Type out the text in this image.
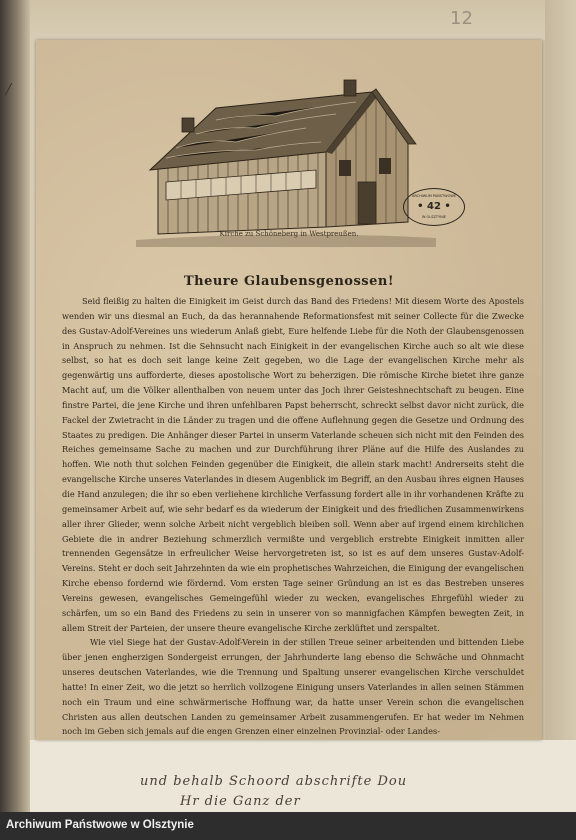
/
und behalb Schoord abschrifte Dou
Hr die Ganz der
12
Kirche zu Schöneberg in Westpreußen.
ARCHIWUM PAŃSTWOWE
• 42 •
W OLSZTYNIE
Theure Glaubensgenossen!

Seid fleißig zu halten die Einigkeit im Geist durch das Band des Friedens! Mit diesem Worte des Apostels wenden wir uns diesmal an Euch, da das herannahende Reformationsfest mit seiner Collecte für die Zwecke des Gustav-Adolf-Vereines uns wiederum Anlaß giebt, Eure helfende Liebe für die Noth der Glaubensgenossen in Anspruch zu nehmen. Ist die Sehnsucht nach Einigkeit in der evangelischen Kirche auch so alt wie diese selbst, so hat es doch seit lange keine Zeit gegeben, wo die Lage der evangelischen Kirche mehr als gegenwärtig uns aufforderte, dieses apostolische Wort zu beherzigen. Die römische Kirche bietet ihre ganze Macht auf, um die Völker allenthalben von neuem unter das Joch ihrer Geisteshnechtschaft zu beugen. Eine finstre Partei, die jene Kirche und ihren unfehlbaren Papst beherrscht, schreckt selbst davor nicht zurück, die Fackel der Zwietracht in die Länder zu tragen und die offene Auflehnung gegen die Gesetze und Ordnung des Staates zu predigen. Die Anhänger dieser Partei in unserm Vaterlande scheuen sich nicht mit den Feinden des Reiches gemeinsame Sache zu machen und zur Durchführung ihrer Pläne auf die Hilfe des Auslandes zu hoffen. Wie noth thut solchen Feinden gegenüber die Einigkeit, die allein stark macht! Andrerseits steht die evangelische Kirche unseres Vaterlandes in diesem Augenblick im Begriff, an den Ausbau ihres eignen Hauses die Hand anzulegen; die ihr so eben verliehene kirchliche Verfassung fordert alle in ihr vorhandenen Kräfte zu gemeinsamer Arbeit auf, wie sehr bedarf es da wiederum der Einigkeit und des friedlichen Zusammenwirkens aller ihrer Glieder, wenn solche Arbeit nicht vergeblich bleiben soll. Wenn aber auf irgend einem kirchlichen Gebiete die in andrer Beziehung schmerzlich vermißte und vergeblich erstrebte Einigkeit inmitten aller trennenden Gegensätze in erfreulicher Weise hervorgetreten ist, so ist es auf dem unseres Gustav-Adolf-Vereins. Steht er doch seit Jahrzehnten da wie ein prophetisches Wahrzeichen, die Einigung der evangelischen Kirche ebenso fordernd wie fördernd. Vom ersten Tage seiner Gründung an ist es das Bestreben unseres Vereins gewesen, evangelisches Gemeingefühl wieder zu wecken, evangelisches Ehrgefühl wieder zu schärfen, um so ein Band des Friedens zu sein in unserer von so mannigfachen Kämpfen bewegten Zeit, in allem Streit der Parteien, der unsere theure evangelische Kirche zerklüftet und zerspaltet.

Wie viel Siege hat der Gustav-Adolf-Verein in der stillen Treue seiner arbeitenden und bittenden Liebe über jenen engherzigen Sondergeist errungen, der Jahrhunderte lang ebenso die Schwäche und Ohnmacht unseres deutschen Vaterlandes, wie die Trennung und Spaltung unserer evangelischen Kirche verschuldet hatte! In einer Zeit, wo die jetzt so herrlich vollzogene Einigung unsers Vaterlandes in allen seinen Stämmen noch ein Traum und eine schwärmerische Hoffnung war, da hatte unser Verein schon die evangelischen Christen aus allen deutschen Landen zu gemeinsamer Arbeit zusammengerufen. Er hat weder im Nehmen noch im Geben sich jemals auf die engen Grenzen einer einzelnen Provinzial- oder Landes-

Archiwum Państwowe w Olsztynie
